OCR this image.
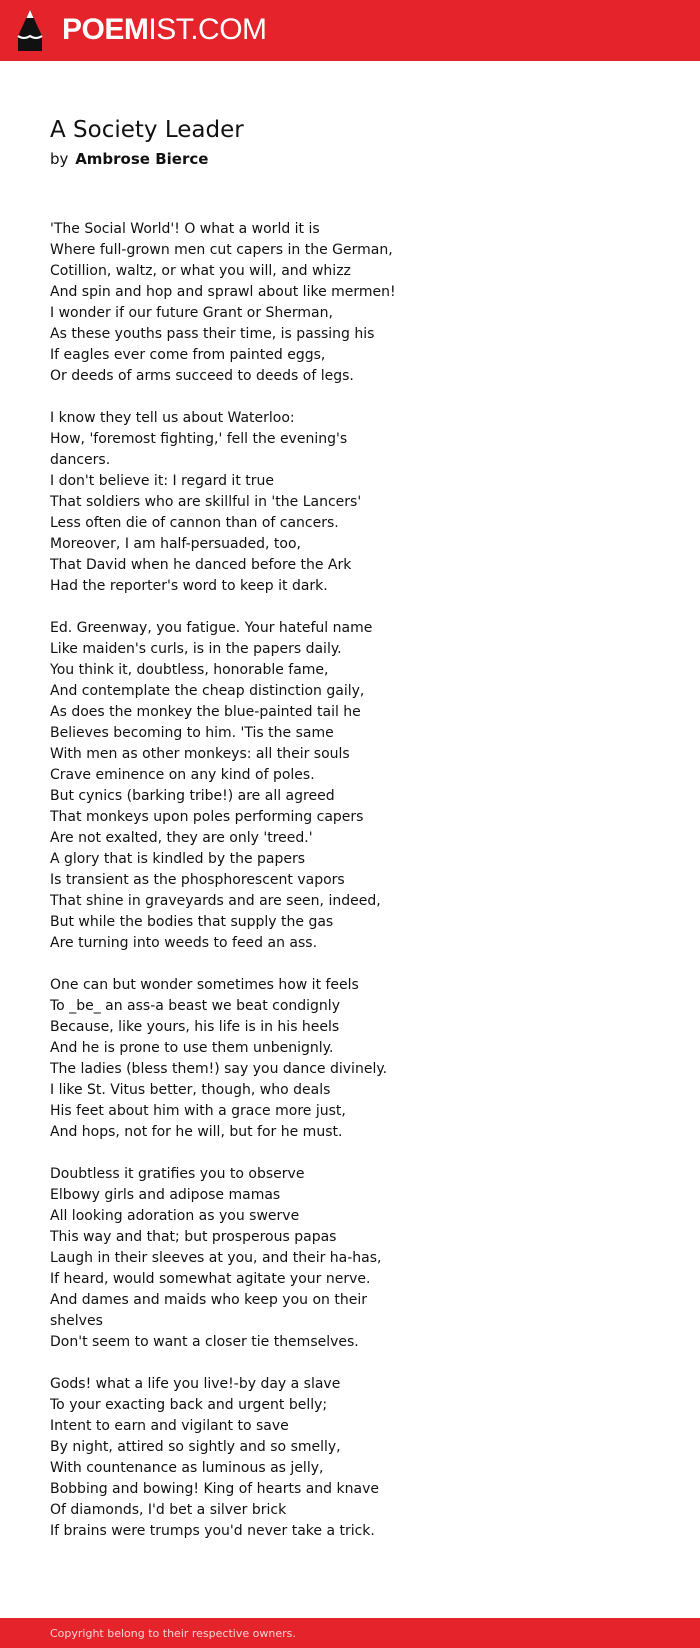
POEMIST.COM
A Society Leader
by Ambrose Bierce
'The Social World'! O what a world it is
Where full-grown men cut capers in the German,
Cotillion, waltz, or what you will, and whizz
And spin and hop and sprawl about like mermen!
I wonder if our future Grant or Sherman,
As these youths pass their time, is passing his
If eagles ever come from painted eggs,
Or deeds of arms succeed to deeds of legs.
I know they tell us about Waterloo:
How, 'foremost fighting,' fell the evening's
dancers.
I don't believe it: I regard it true
That soldiers who are skillful in 'the Lancers'
Less often die of cannon than of cancers.
Moreover, I am half-persuaded, too,
That David when he danced before the Ark
Had the reporter's word to keep it dark.
Ed. Greenway, you fatigue. Your hateful name
Like maiden's curls, is in the papers daily.
You think it, doubtless, honorable fame,
And contemplate the cheap distinction gaily,
As does the monkey the blue-painted tail he
Believes becoming to him. 'Tis the same
With men as other monkeys: all their souls
Crave eminence on any kind of poles.
But cynics (barking tribe!) are all agreed
That monkeys upon poles performing capers
Are not exalted, they are only 'treed.'
A glory that is kindled by the papers
Is transient as the phosphorescent vapors
That shine in graveyards and are seen, indeed,
But while the bodies that supply the gas
Are turning into weeds to feed an ass.
One can but wonder sometimes how it feels
To _be_ an ass-a beast we beat condignly
Because, like yours, his life is in his heels
And he is prone to use them unbenignly.
The ladies (bless them!) say you dance divinely.
I like St. Vitus better, though, who deals
His feet about him with a grace more just,
And hops, not for he will, but for he must.
Doubtless it gratifies you to observe
Elbowy girls and adipose mamas
All looking adoration as you swerve
This way and that; but prosperous papas
Laugh in their sleeves at you, and their ha-has,
If heard, would somewhat agitate your nerve.
And dames and maids who keep you on their
shelves
Don't seem to want a closer tie themselves.
Gods! what a life you live!-by day a slave
To your exacting back and urgent belly;
Intent to earn and vigilant to save
By night, attired so sightly and so smelly,
With countenance as luminous as jelly,
Bobbing and bowing! King of hearts and knave
Of diamonds, I'd bet a silver brick
If brains were trumps you'd never take a trick.
Copyright belong to their respective owners.
